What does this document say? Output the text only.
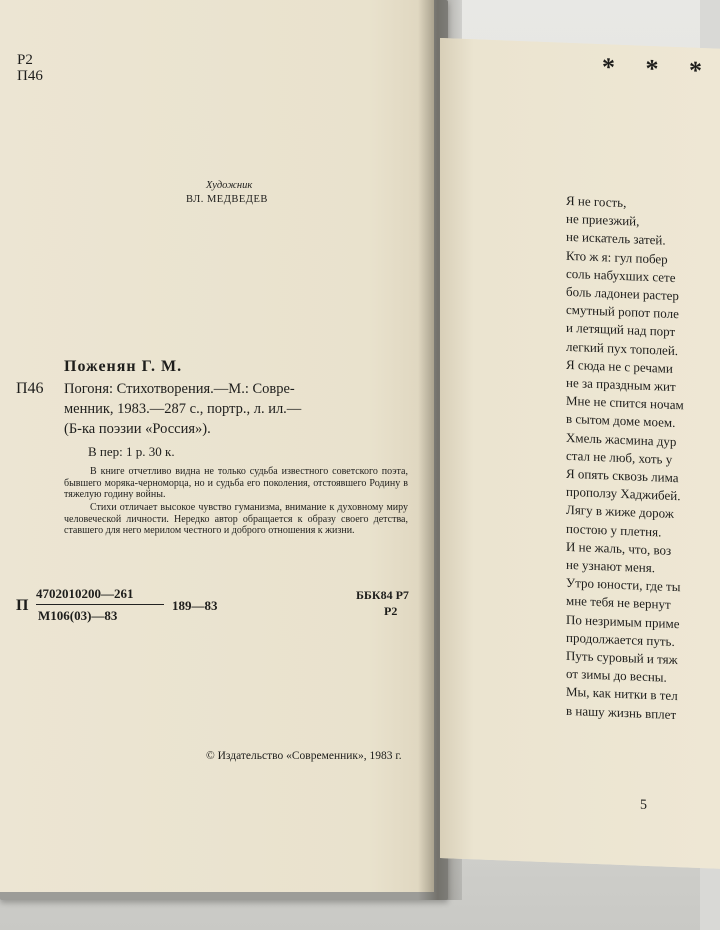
Р2
П46
Художник
ВЛ. МЕДВЕДЕВ
Поженян Г. М.
П46 Погоня: Стихотворения.—М.: Совре-
менник, 1983.—287 с., портр., л. ил.—
(Б-ка поэзии «Россия»).
В пер: 1 р. 30 к.
В книге отчетливо видна не только судьба известного советского поэта, бывшего моряка-черноморца, но и судьба его поколения, отстоявшего Родину в тяжелую годину войны.
Стихи отличает высокое чувство гуманизма, внимание к духовному миру человеческой личности. Нередко автор обращается к образу своего детства, ставшего для него мерилом честного и доброго отношения к жизни.
П
4702010200—261
М106(03)—83
189—83
ББК84 Р7
Р2
© Издательство «Современник», 1983 г.
* * *
Я не гость,
не приезжий,
не искатель затей.
Кто ж я: гул побер
соль набухших сете
боль ладонеи растер
смутный ропот поле
и летящий над порт
легкий пух тополей.
Я сюда не с речами
не за праздным жит
Мне не спится ночам
в сытом доме моем.
Хмель жасмина дур
стал не люб, хоть у
Я опять сквозь лима
проползу Хаджибей.
Лягу в жиже дорож
постою у плетня.
И не жаль, что, воз
не узнают меня.
Утро юности, где ты
мне тебя не вернут
По незримым приме
продолжается путь.
Путь суровый и тяж
от зимы до весны.
Мы, как нитки в тел
в нашу жизнь вплет
5
